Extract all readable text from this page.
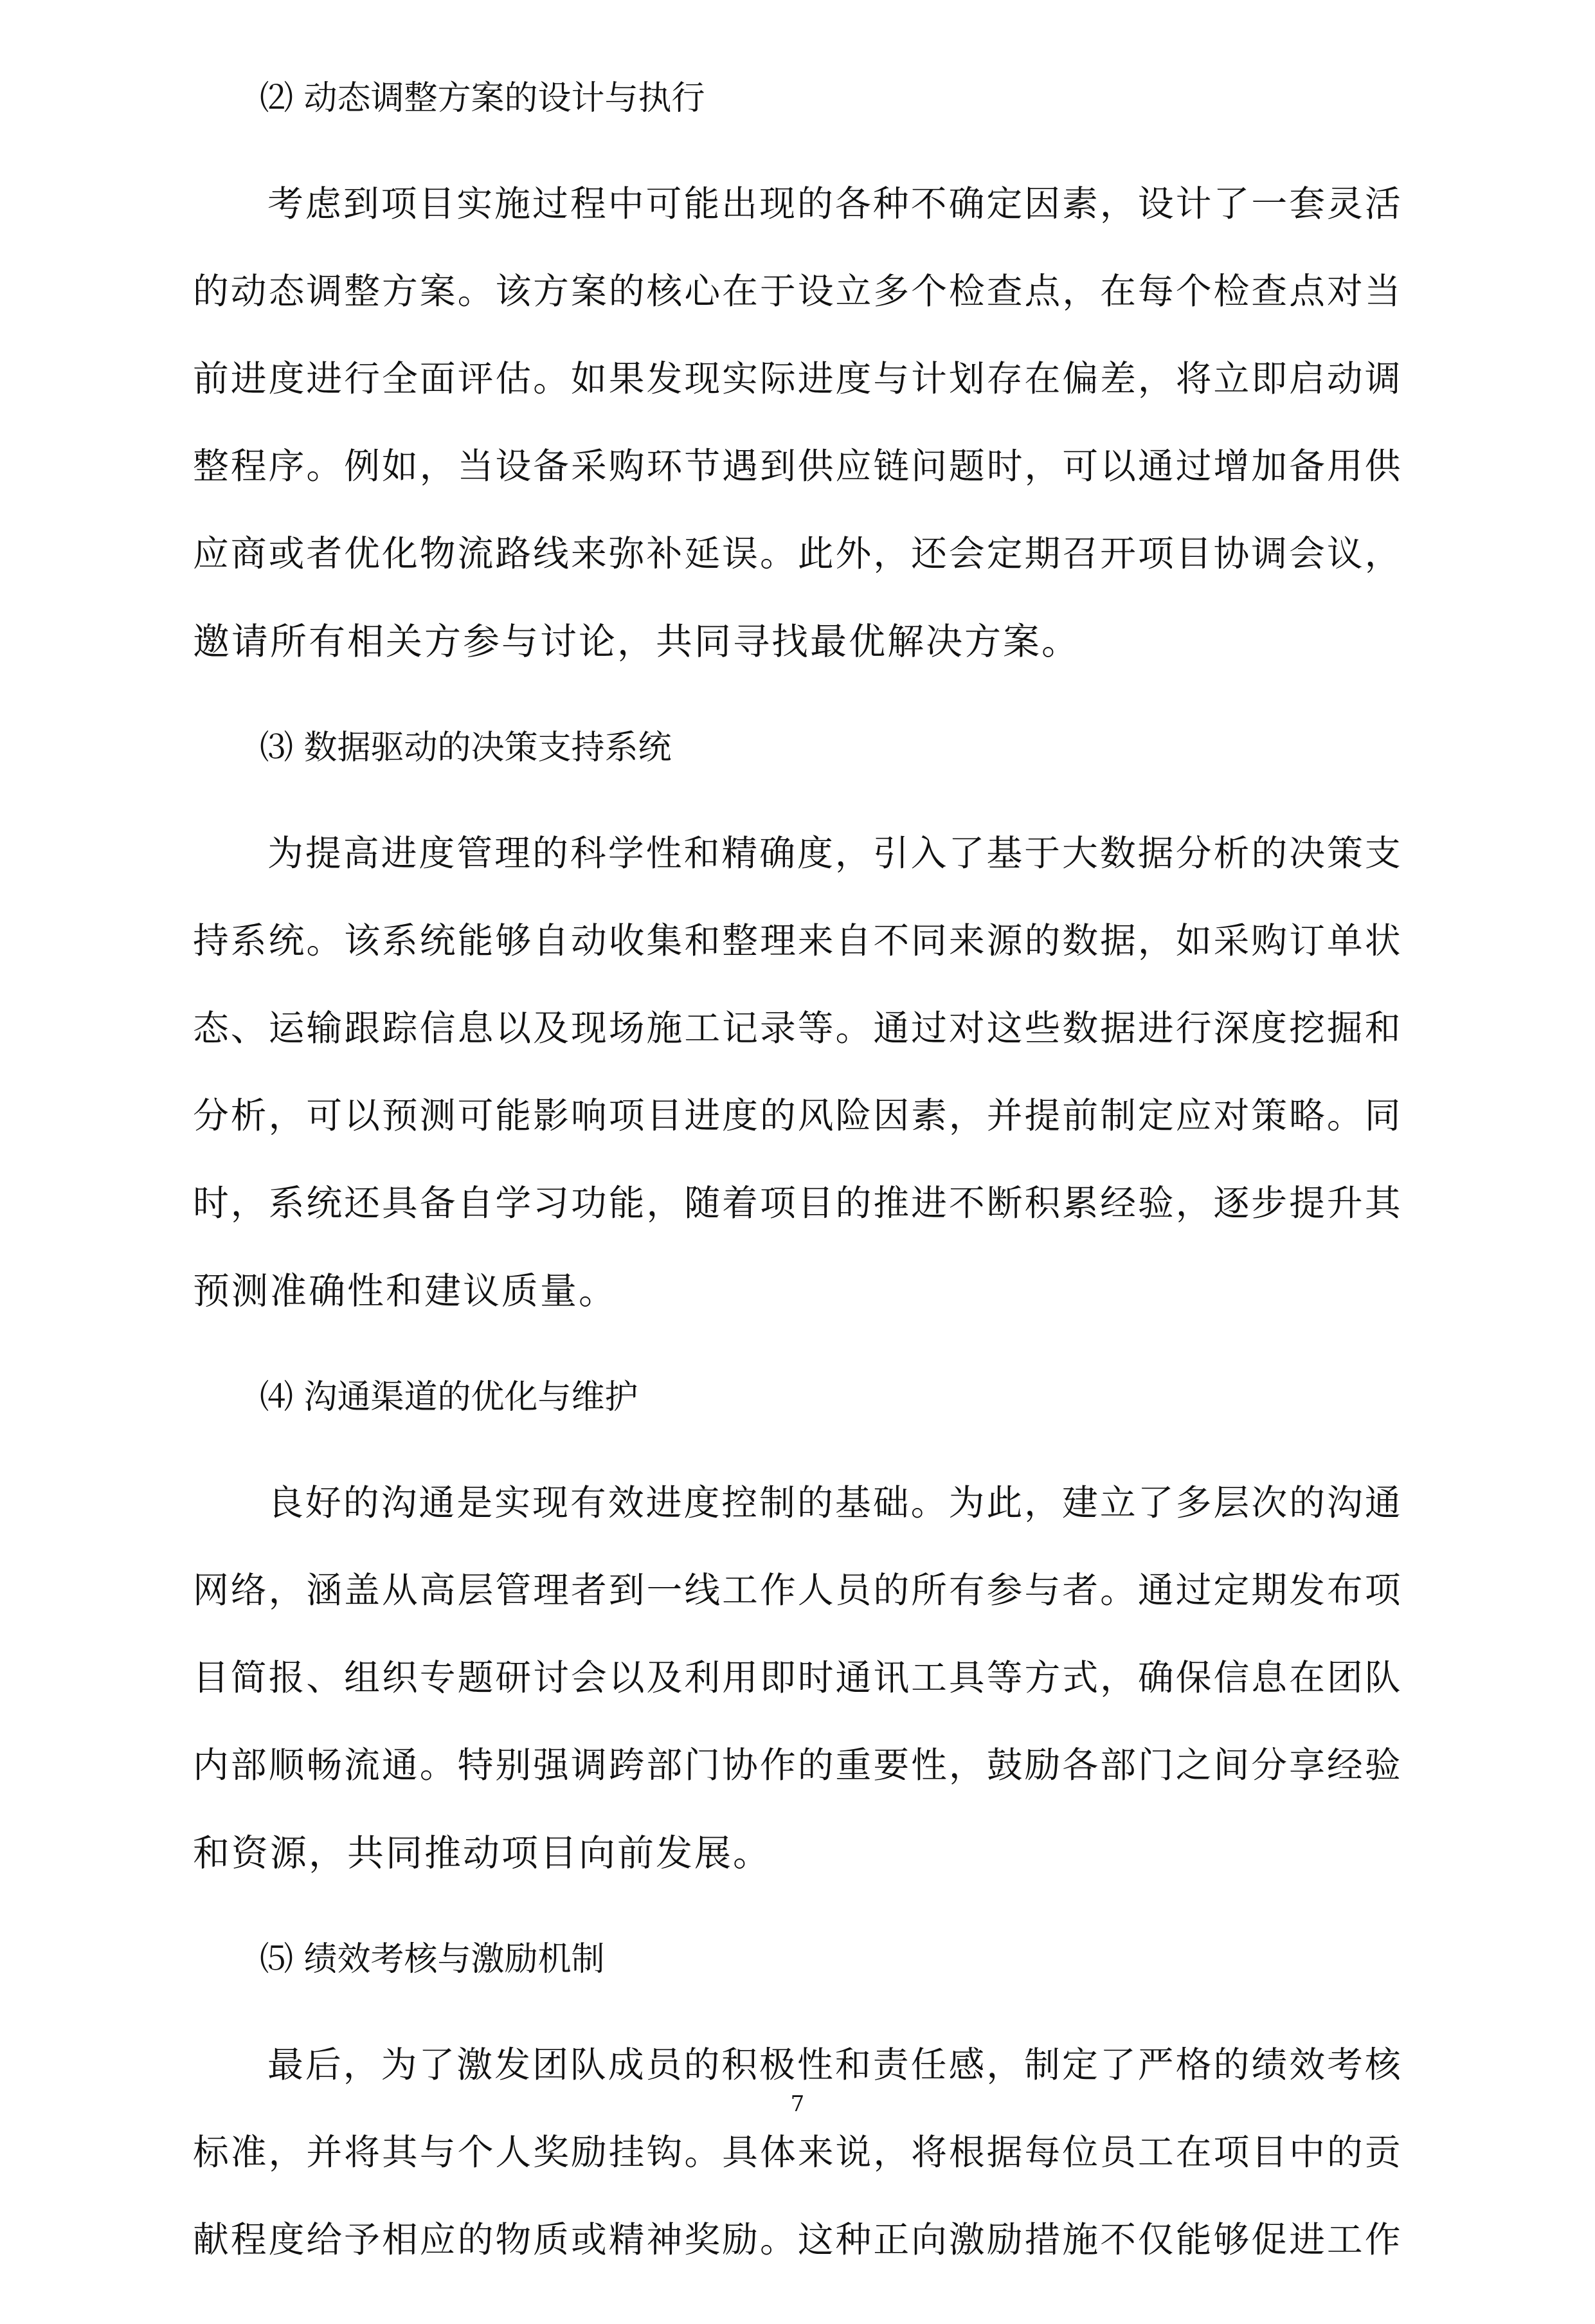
⑵ 动态调整方案的设计与执行
考虑到项目实施过程中可能出现的各种不确定因素，设计了一套灵活
的动态调整方案。该方案的核心在于设立多个检查点，在每个检查点对当
前进度进行全面评估。如果发现实际进度与计划存在偏差，将立即启动调
整程序。例如，当设备采购环节遇到供应链问题时，可以通过增加备用供
应商或者优化物流路线来弥补延误。此外，还会定期召开项目协调会议，
邀请所有相关方参与讨论，共同寻找最优解决方案。
⑶ 数据驱动的决策支持系统
为提高进度管理的科学性和精确度，引入了基于大数据分析的决策支
持系统。该系统能够自动收集和整理来自不同来源的数据，如采购订单状
态、运输跟踪信息以及现场施工记录等。通过对这些数据进行深度挖掘和
分析，可以预测可能影响项目进度的风险因素，并提前制定应对策略。同
时，系统还具备自学习功能，随着项目的推进不断积累经验，逐步提升其
预测准确性和建议质量。
⑷ 沟通渠道的优化与维护
良好的沟通是实现有效进度控制的基础。为此，建立了多层次的沟通
网络，涵盖从高层管理者到一线工作人员的所有参与者。通过定期发布项
目简报、组织专题研讨会以及利用即时通讯工具等方式，确保信息在团队
内部顺畅流通。特别强调跨部门协作的重要性，鼓励各部门之间分享经验
和资源，共同推动项目向前发展。
⑸ 绩效考核与激励机制
最后，为了激发团队成员的积极性和责任感，制定了严格的绩效考核
标准，并将其与个人奖励挂钩。具体来说，将根据每位员工在项目中的贡
献程度给予相应的物质或精神奖励。这种正向激励措施不仅能够促进工作
7
